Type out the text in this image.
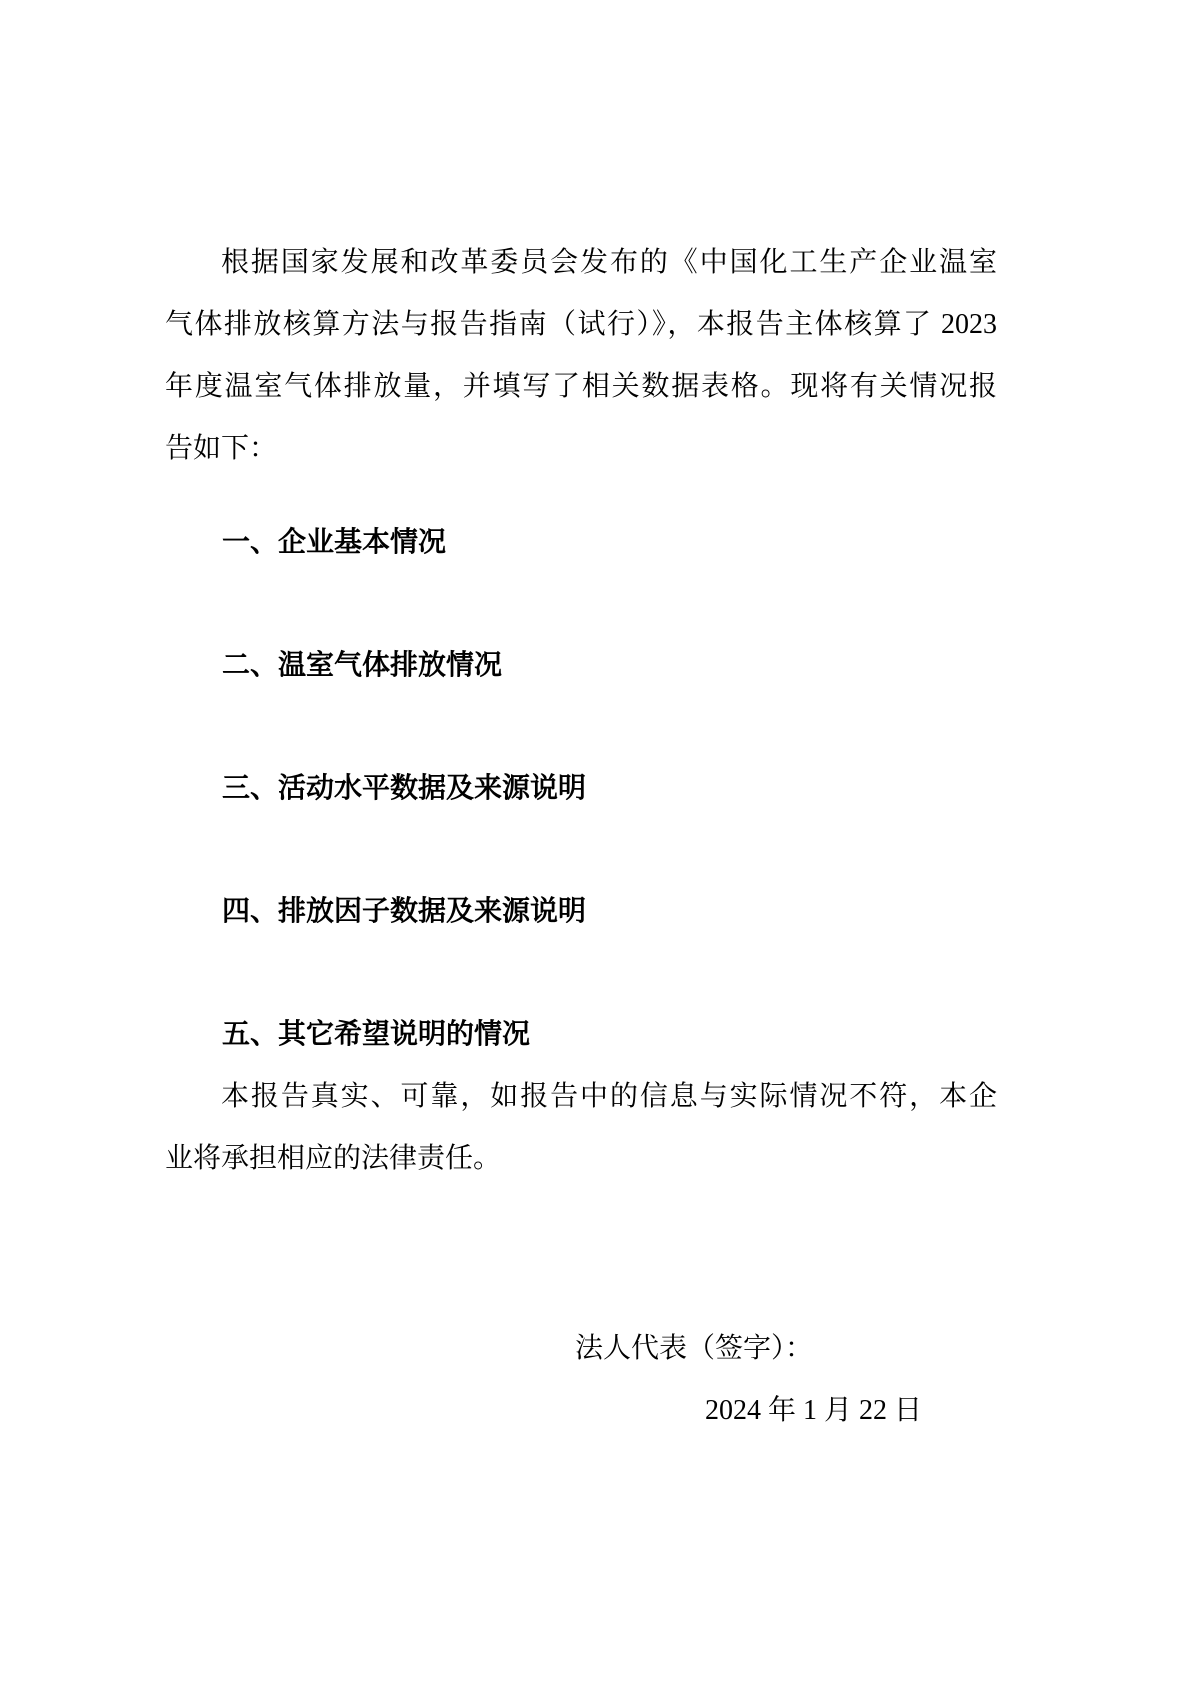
根据国家发展和改革委员会发布的《中国化工生产企业温室
气体排放核算方法与报告指南（试行）》，本报告主体核算了 2023
年度温室气体排放量，并填写了相关数据表格。现将有关情况报
告如下：
一、企业基本情况
二、温室气体排放情况
三、活动水平数据及来源说明
四、排放因子数据及来源说明
五、其它希望说明的情况
本报告真实、可靠，如报告中的信息与实际情况不符，本企
业将承担相应的法律责任。
法人代表（签字）：
2024 年 1 月 22 日
